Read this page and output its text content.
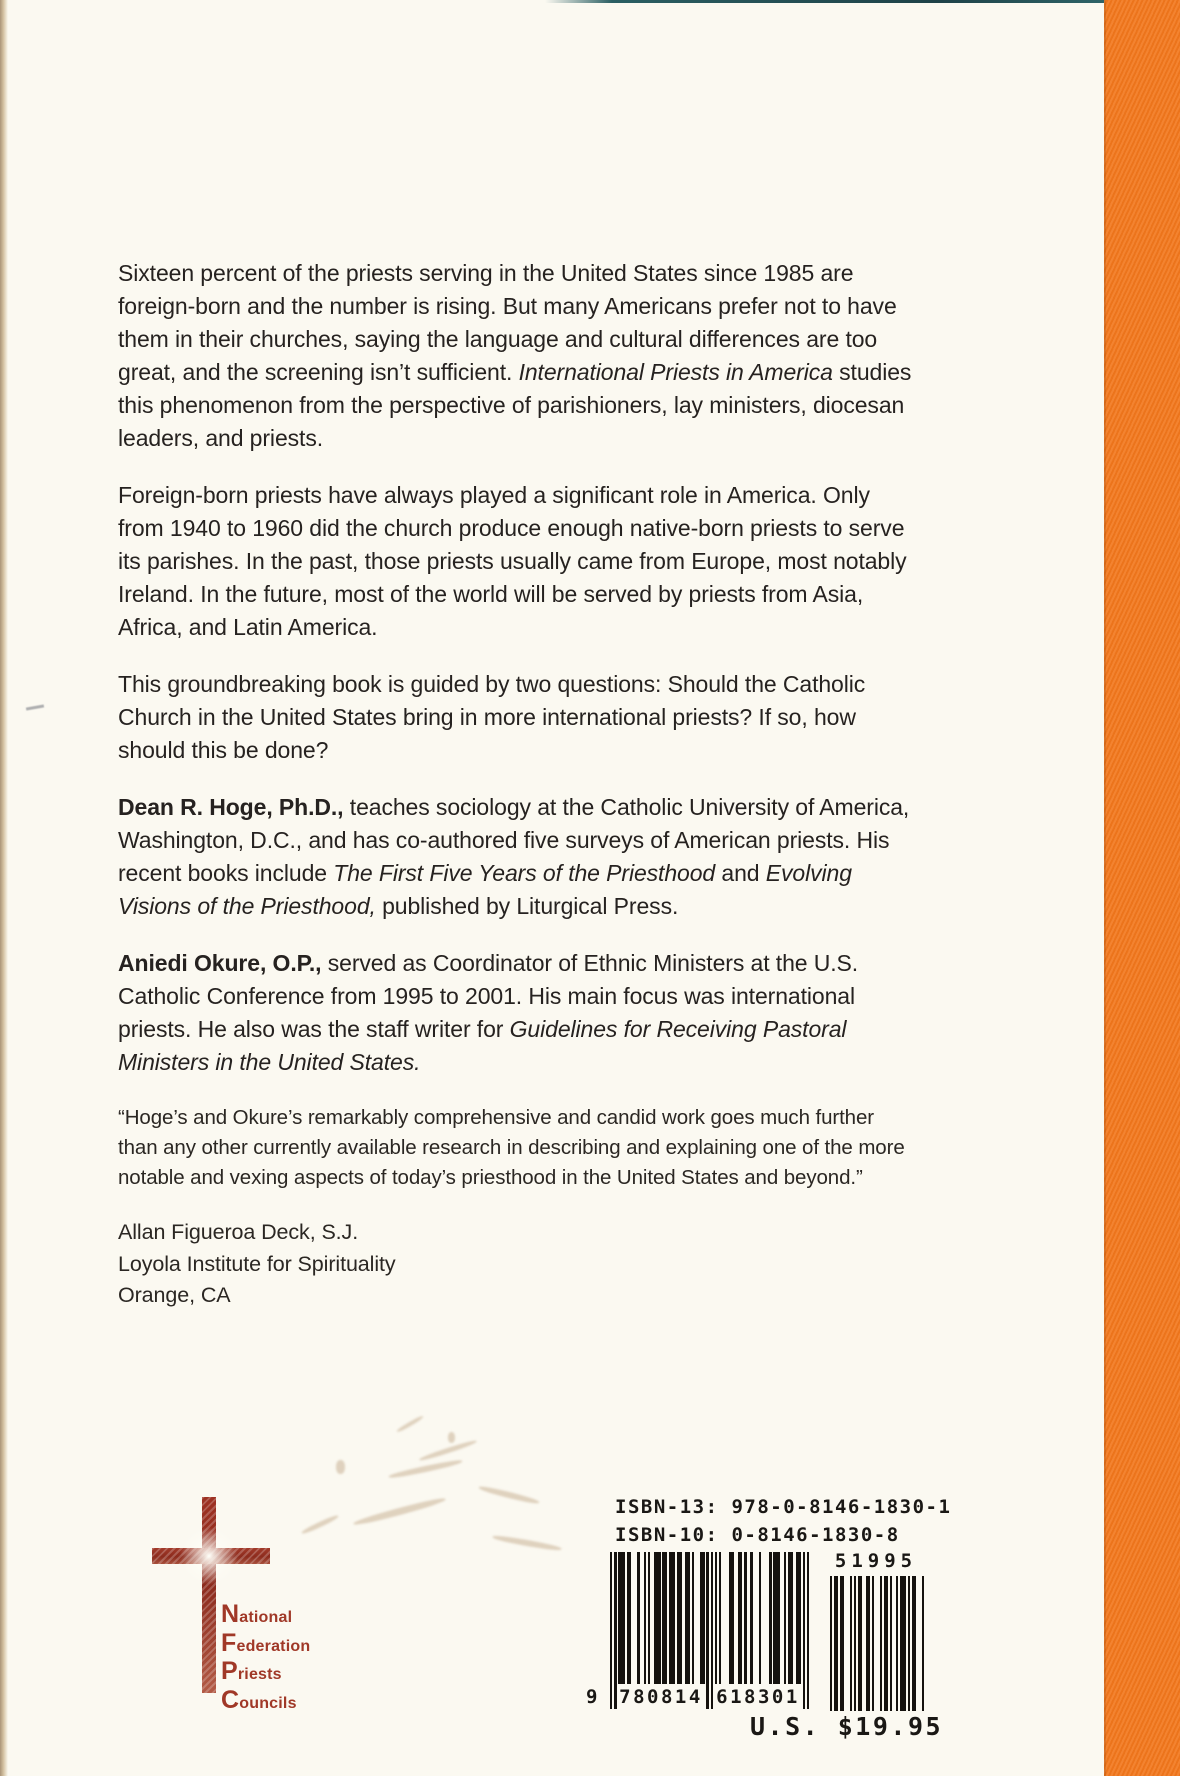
Sixteen percent of the priests serving in the United States since 1985 are foreign-born and the number is rising. But many Americans prefer not to have them in their churches, saying the language and cultural differences are too great, and the screening isn’t sufficient. International Priests in America studies this phenomenon from the perspective of parishioners, lay ministers, diocesan leaders, and priests.

Foreign-born priests have always played a significant role in America. Only from 1940 to 1960 did the church produce enough native-born priests to serve its parishes. In the past, those priests usually came from Europe, most notably Ireland. In the future, most of the world will be served by priests from Asia, Africa, and Latin America.

This groundbreaking book is guided by two questions: Should the Catholic Church in the United States bring in more international priests? If so, how should this be done?

Dean R. Hoge, Ph.D., teaches sociology at the Catholic University of America, Washington, D.C., and has co-authored five surveys of American priests. His recent books include The First Five Years of the Priesthood and Evolving Visions of the Priesthood, published by Liturgical Press.

Aniedi Okure, O.P., served as Coordinator of Ethnic Ministers at the U.S. Catholic Conference from 1995 to 2001. His main focus was international priests. He also was the staff writer for Guidelines for Receiving Pastoral Ministers in the United States.

“Hoge’s and Okure’s remarkably comprehensive and candid work goes much further than any other currently available research in describing and explaining one of the more notable and vexing aspects of today’s priesthood in the United States and beyond.”

Allan Figueroa Deck, S.J.
Loyola Institute for Spirituality
Orange, CA
National
Federation
Priests
Councils
ISBN-13: 978-0-8146-1830-1
ISBN-10: 0-8146-1830-8
9 780814 618301
51995
U.S. $19.95
